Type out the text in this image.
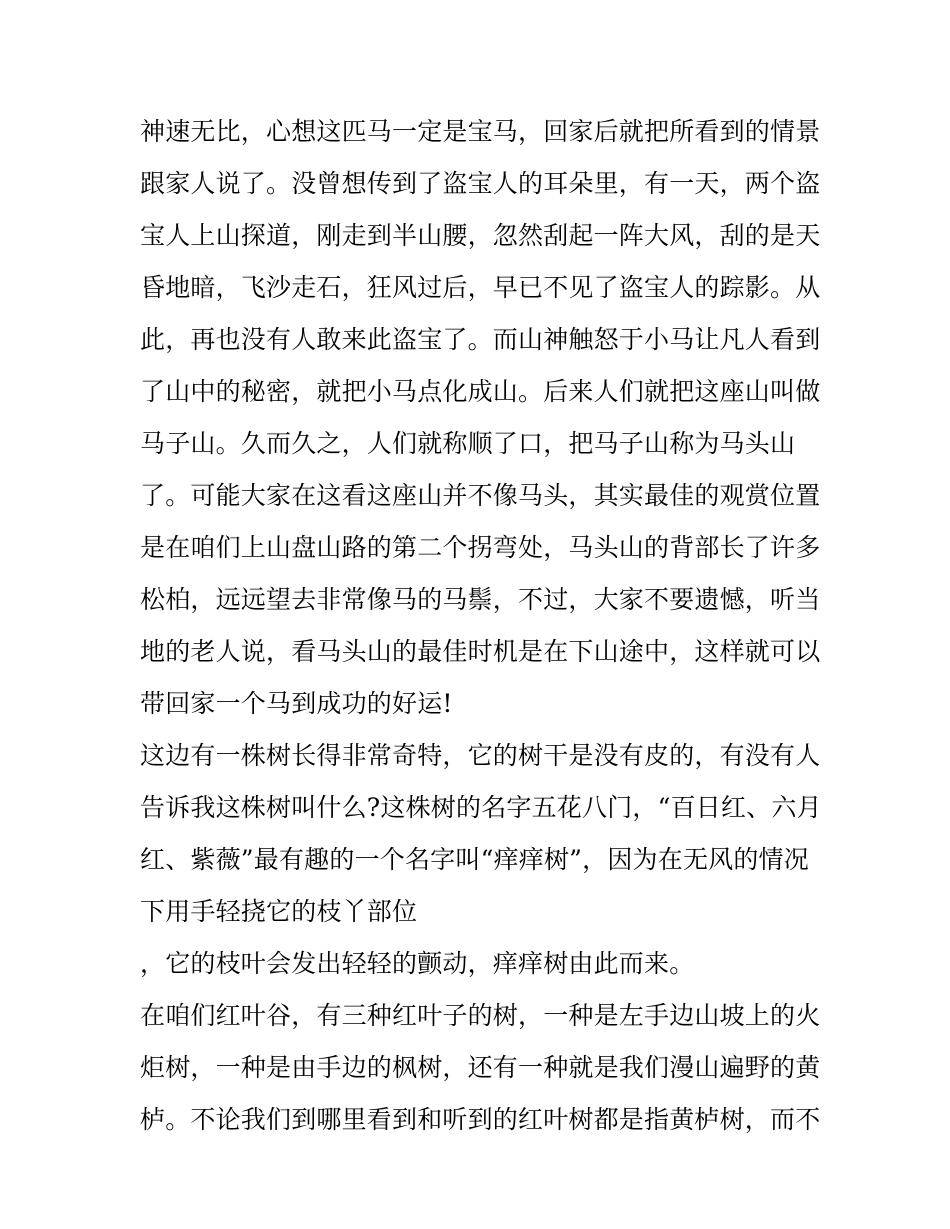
神速无比，心想这匹马一定是宝马，回家后就把所看到的情景
跟家人说了。没曾想传到了盗宝人的耳朵里，有一天，两个盗
宝人上山探道，刚走到半山腰，忽然刮起一阵大风，刮的是天
昏地暗，飞沙走石，狂风过后，早已不见了盗宝人的踪影。从
此，再也没有人敢来此盗宝了。而山神触怒于小马让凡人看到
了山中的秘密，就把小马点化成山。后来人们就把这座山叫做
马子山。久而久之，人们就称顺了口，把马子山称为马头山
了。可能大家在这看这座山并不像马头，其实最佳的观赏位置
是在咱们上山盘山路的第二个拐弯处，马头山的背部长了许多
松柏，远远望去非常像马的马鬃，不过，大家不要遗憾，听当
地的老人说，看马头山的最佳时机是在下山途中，这样就可以
带回家一个马到成功的好运!
这边有一株树长得非常奇特，它的树干是没有皮的，有没有人
告诉我这株树叫什么?这株树的名字五花八门，“百日红、六月
红、紫薇”最有趣的一个名字叫“痒痒树”，因为在无风的情况
下用手轻挠它的枝丫部位
，它的枝叶会发出轻轻的颤动，痒痒树由此而来。
在咱们红叶谷，有三种红叶子的树，一种是左手边山坡上的火
炬树，一种是由手边的枫树，还有一种就是我们漫山遍野的黄
栌。不论我们到哪里看到和听到的红叶树都是指黄栌树，而不
